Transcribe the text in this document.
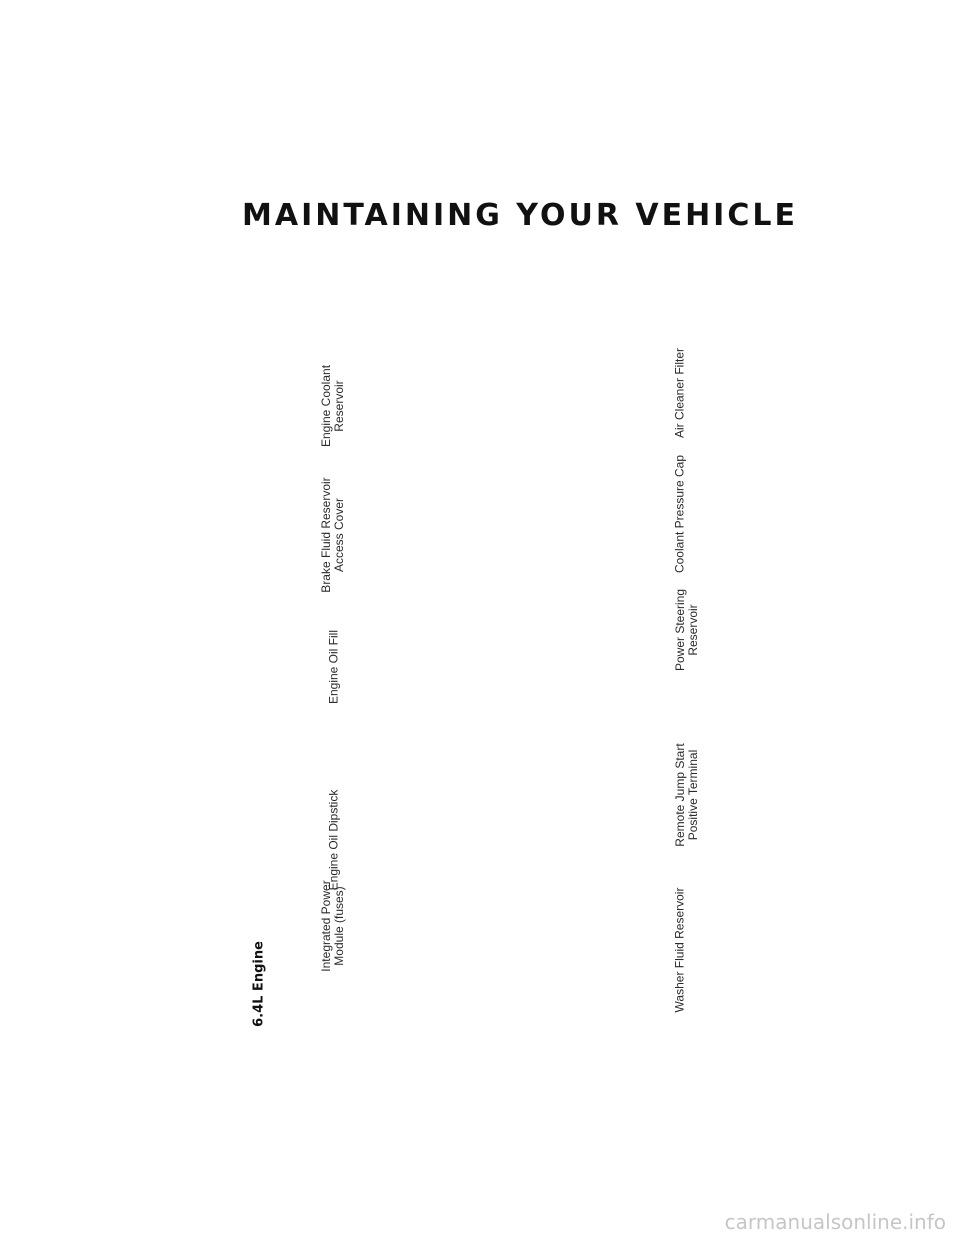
MAINTAINING YOUR VEHICLE
6.4L Engine
Integrated Power Module (fuses)
Engine Oil Dipstick
Engine Oil Fill
Brake Fluid Reservoir Access Cover
Engine Coolant Reservoir
Washer Fluid Reservoir
Remote Jump Start Positive Terminal
Power Steering Reservoir
Coolant Pressure Cap
Air Cleaner Filter
carmanualsonline.info
